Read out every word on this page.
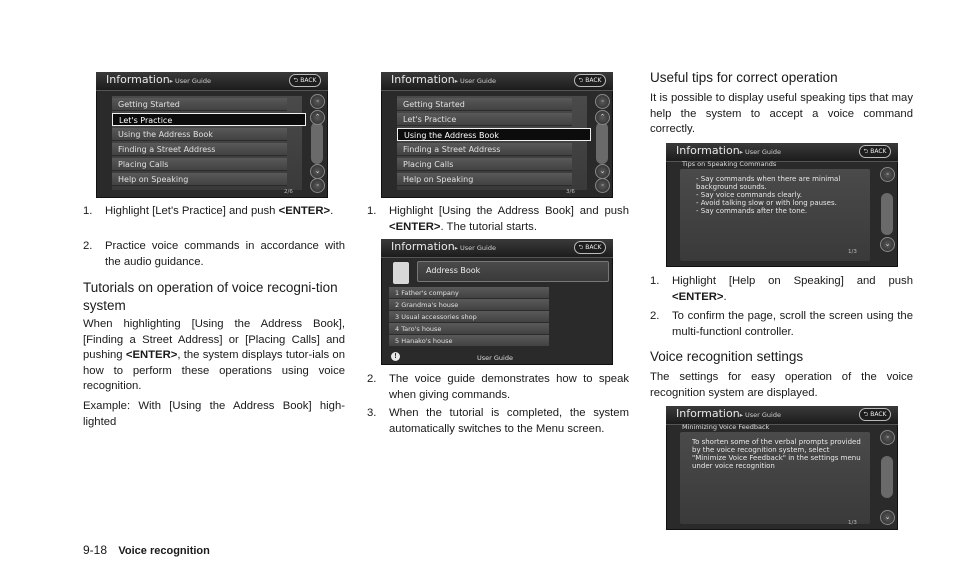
Information▸ User Guide	⮌ BACK
Getting Started
Let's Practice
Using the Address Book
Finding a Street Address
Placing Calls
Help on Speaking
◦
⌃
⌄
◦
2/6
Information▸ User Guide	⮌ BACK
Getting Started
Let's Practice
Using the Address Book
Finding a Street Address
Placing Calls
Help on Speaking
◦
⌃
⌄
◦
3/6
Information▸ User Guide	⮌ BACK
Address Book
1 Father's company
2 Grandma's house
3 Usual accessories shop
4 Taro's house
5 Hanako's house
!	User Guide
Information▸ User Guide	⮌ BACK
Tips on Speaking Commands
- Say commands when there are minimal
background sounds.
- Say voice commands clearly.
- Avoid talking slow or with long pauses.
- Say commands after the tone.
◦
⌄
1/3
Information▸ User Guide	⮌ BACK
Minimizing Voice Feedback
To shorten some of the verbal prompts provided
by the voice recognition system, select
"Minimize Voice Feedback" in the settings menu
under voice recognition
◦
⌄
1/3
1. Highlight [Let's Practice] and push <ENTER>.
2. Practice voice commands in accordance with the audio guidance.
Tutorials on operation of voice recogni-tion system
When highlighting [Using the Address Book], [Finding a Street Address] or [Placing Calls] and pushing <ENTER>, the system displays tutor-ials on how to perform these operations using voice recognition.
Example: With [Using the Address Book] high-lighted
1. Highlight [Using the Address Book] and push <ENTER>. The tutorial starts.
2. The voice guide demonstrates how to speak when giving commands.
3. When the tutorial is completed, the system automatically switches to the Menu screen.
Useful tips for correct operation
It is possible to display useful speaking tips that may help the system to accept a voice command correctly.
1. Highlight [Help on Speaking] and push <ENTER>.
2. To confirm the page, scroll the screen using the multi-functionl controller.
Voice recognition settings
The settings for easy operation of the voice recognition system are displayed.
9-18 Voice recognition
